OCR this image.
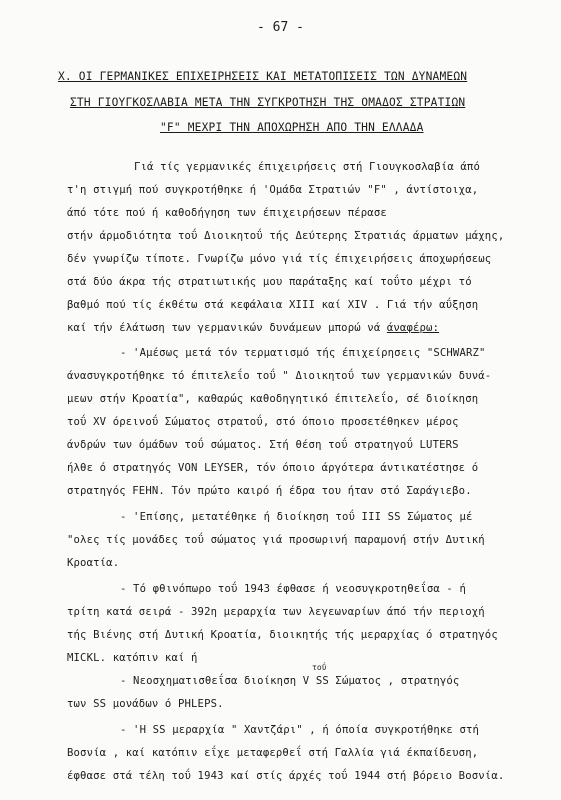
- 67 -
X. ΟΙ ΓΕΡΜΑΝΙΚΕΣ ΕΠΙΧΕΙΡΗΣΕΙΣ ΚΑΙ ΜΕΤΑΤΟΠΙΣΕΙΣ ΤΩΝ ΔΥΝΑΜΕΩΝ
ΣΤΗ ΓΙΟΥΓΚΟΣΛΑΒΙΑ ΜΕΤΑ ΤΗΝ ΣΥΓΚΡΟΤΗΣΗ ΤΗΣ ΟΜΑΔΟΣ ΣΤΡΑΤΙΩΝ
"F" ΜΕΧΡΙ ΤΗΝ ΑΠΟΧΩΡΗΣΗ ΑΠΟ ΤΗΝ ΕΛΛΑΔΑ
Γιά τίς γερμανικές έπιχειρήσεις στή Γιουγκοσλαβία άπό
τ'η στιγμή πού συγκροτήθηκε ή 'Ομάδα Στρατιών "F" , άντίστοιχα,
άπό τότε πού ή καθοδήγηση των έπιχειρήσεων πέρασε
στήν άρμοδιότητα τοΰ Διοικητοΰ τής Δεύτερης Στρατιάς άρματων μάχης,
δέν γνωρίζω τίποτε. Γνωρίζω μόνο γιά τίς έπιχειρήσεις άποχωρήσεως
στά δύο άκρα τής στρατιωτικής μου παράταξης καί τοΰτο μέχρι τό
βαθμό πού τίς έκθέτω στά κεφάλαια XIII καί XIV . Γιά τήν αΰξηση
καί τήν έλάτωση των γερμανικών δυνάμεων μπορώ νά άναφέρω:
- 'Αμέσως μετά τόν τερματισμό τής έπιχείρησεις "SCHWARZ"
άνασυγκροτήθηκε τό έπιτελεΐο τοΰ " Διοικητοΰ των γερμανικών δυνά-
μεων στήν Κροατία", καθαρώς καθοδηγητικό έπιτελεΐο, σέ διοίκηση
τοΰ XV όρεινοΰ Σώματος στρατοΰ, στό όποιο προσετέθηκεν μέρος
άνδρών των όμάδων τοΰ σώματος. Στή θέση τοΰ στρατηγοΰ LUTERS
ήλθε ό στρατηγός VON LEYSER, τόν όποιο άργότερα άντικατέστησε ό
στρατηγός FEHN. Τόν πρώτο καιρό ή έδρα του ήταν στό Σαράγιεβο.
- 'Επίσης, μετατέθηκε ή διοίκηση τοΰ III SS Σώματος μέ
"ολες τίς μονάδες τοΰ σώματος γιά προσωρινή παραμονή στήν Δυτική
Κροατία.
- Τό φθινόπωρο τοΰ 1943 έφθασε ή νεοσυγκροτηθεΐσα - ή
τρίτη κατά σειρά - 392η μεραρχία των λεγεωναρίων άπό τήν περιοχή
τής Βιένης στή Δυτική Κροατία, διοικητής τής μεραρχίας ό στρατηγός
MICKL. κατόπιν καί ή
τοΰ
- Νεοσχηματισθεΐσα διοίκηση V SS Σώματος , στρατηγός
των SS μονάδων ό PHLEPS.
- 'Η SS μεραρχία " Χαντζάρι" , ή όποία συγκροτήθηκε στή
Βοσνία , καί κατόπιν εΐχε μεταφερθεΐ στή Γαλλία γιά έκπαίδευση,
έφθασε στά τέλη τοΰ 1943 καί στίς άρχές τοΰ 1944 στή βόρειο Βοσνία.
